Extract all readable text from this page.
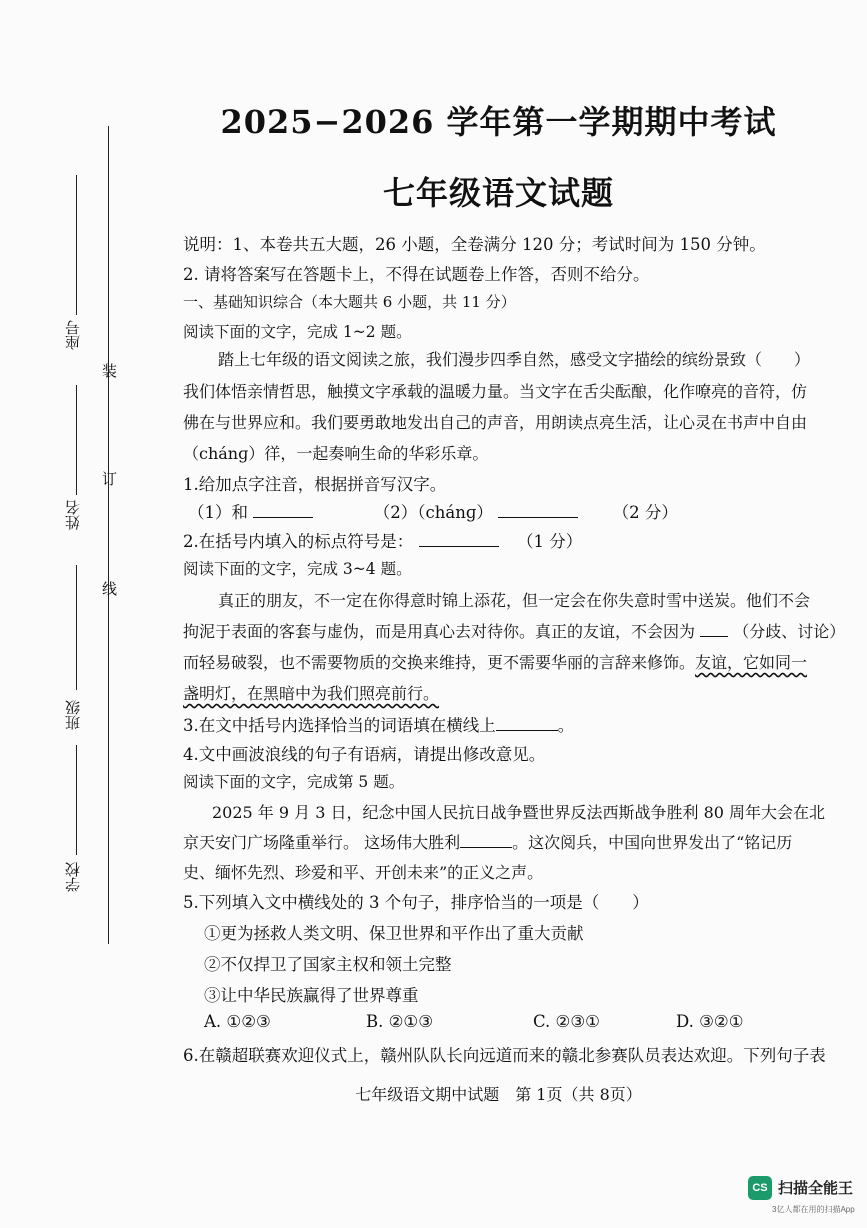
装
订
线
座号
姓名
班级
学校
2025−2026 学年第一学期期中考试
七年级语文试题
说明：1、本卷共五大题，26 小题，全卷满分 120 分；考试时间为 150 分钟。
2. 请将答案写在答题卡上，不得在试题卷上作答，否则不给分。
一、基础知识综合（本大题共 6 小题，共 11 分）
阅读下面的文字，完成 1~2 题。
踏上七年级的语文阅读之旅，我们漫步四季自然，感受文字描绘的缤纷景致（　　）
我们体悟亲情哲思，触摸文字承载的温暖力量。当文字在舌尖酝酿，化作嘹亮的音符，仿
佛在与世界应和。我们要勇敢地发出自己的声音，用朗读点亮生活，让心灵在书声中自由
（chánɡ）徉，一起奏响生命的华彩乐章。
1.给加点字注音，根据拼音写汉字。
（1）和	（2）（chánɡ）	（2 分）
2.在括号内填入的标点符号是：	（1 分）
阅读下面的文字，完成 3~4 题。
真正的朋友，不一定在你得意时锦上添花，但一定会在你失意时雪中送炭。他们不会
拘泥于表面的客套与虚伪，而是用真心去对待你。真正的友谊，不会因为 （分歧、讨论）
而轻易破裂，也不需要物质的交换来维持，更不需要华丽的言辞来修饰。友谊，它如同一
盏明灯，在黑暗中为我们照亮前行。
3.在文中括号内选择恰当的词语填在横线上	。
4.文中画波浪线的句子有语病，请提出修改意见。
阅读下面的文字，完成第 5 题。
2025 年 9 月 3 日，纪念中国人民抗日战争暨世界反法西斯战争胜利 80 周年大会在北
京天安门广场隆重举行。 这场伟大胜利	。这次阅兵，中国向世界发出了“铭记历
史、缅怀先烈、珍爱和平、开创未来”的正义之声。
5.下列填入文中横线处的 3 个句子，排序恰当的一项是（　　）
①更为拯救人类文明、保卫世界和平作出了重大贡献
②不仅捍卫了国家主权和领土完整
③让中华民族赢得了世界尊重
A. ①②③	B. ②①③	C. ②③①	D. ③②①
6.在赣超联赛欢迎仪式上，赣州队队长向远道而来的赣北参赛队员表达欢迎。下列句子表
七年级语文期中试题　第 1页（共 8页）
CS 扫描全能王
3亿人都在用的扫描App
